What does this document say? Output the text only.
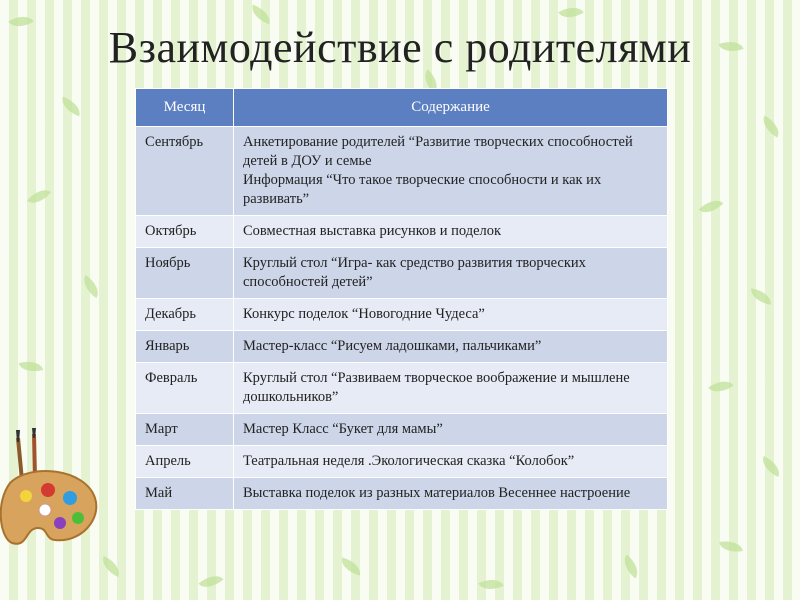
Взаимодействие с родителями
Месяц	Содержание
Сентябрь	Анкетирование родителей “Развитие творческих способностей детей в ДОУ и семье
Информация “Что такое творческие способности и как их развивать”

Октябрь	Совместная выставка рисунков и поделок
Ноябрь	Круглый стол “Игра- как средство развития творческих способностей детей”
Декабрь	Конкурс поделок “Новогодние Чудеса”
Январь	Мастер-класс “Рисуем ладошками, пальчиками”
Февраль	Круглый стол “Развиваем творческое воображение и мышлене дошкольников”
Март	Мастер Класс “Букет для мамы”
Апрель	Театральная неделя .Экологическая сказка “Колобок”
Май	Выставка поделок из разных материалов Весеннее настроение
